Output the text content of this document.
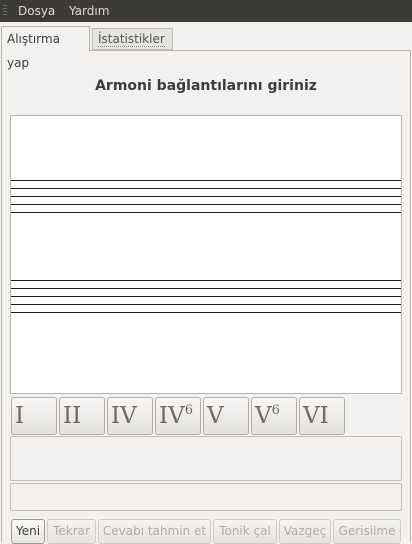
Dosya Yardım
Alıştırma yap
İstatistikler
Armoni bağlantılarını giriniz
I	II	IV $IV^6$ V	$V^6$	VI
Yeni	Tekrar	Cevabı tahmin et	Tonik çal	Vazgeç	Gerisilme
